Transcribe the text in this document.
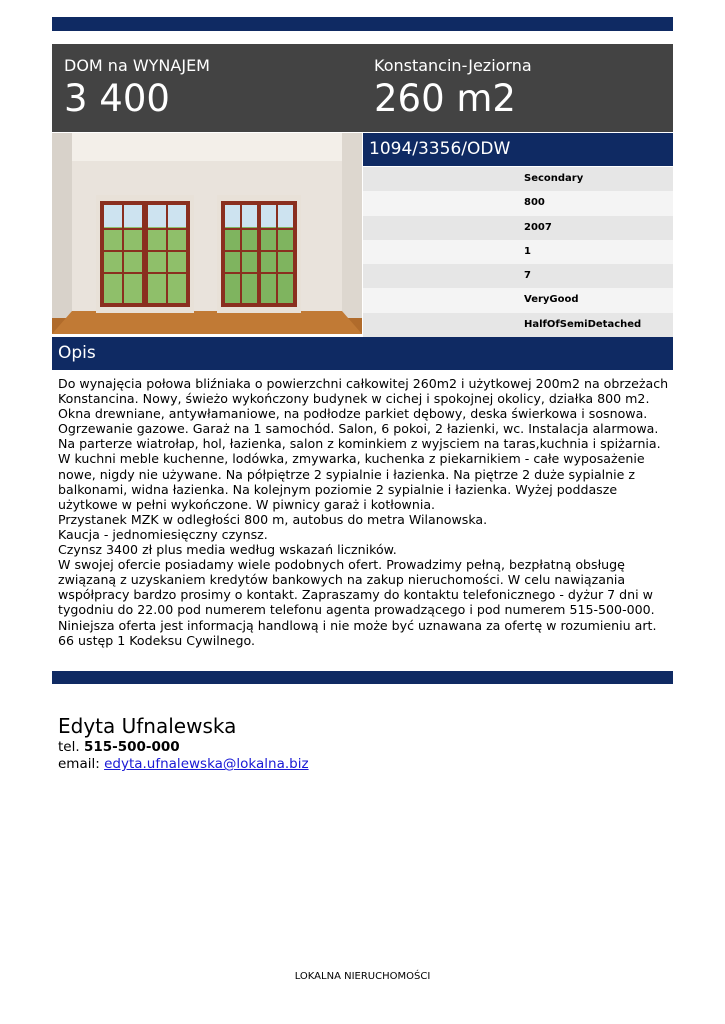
DOM na WYNAJEM
3 400
Konstancin-Jeziorna
260 m2
1094/3356/ODW
Secondary
800
2007
1
7
VeryGood
HalfOfSemiDetached
Opis

Do wynajęcia połowa bliźniaka o powierzchni całkowitej 260m2 i użytkowej 200m2 na obrzeżach Konstancina. Nowy, świeżo wykończony budynek w cichej i spokojnej okolicy, działka 800 m2. Okna drewniane, antywłamaniowe, na podłodze parkiet dębowy, deska świerkowa i sosnowa. Ogrzewanie gazowe. Garaż na 1 samochód. Salon, 6 pokoi, 2 łazienki, wc. Instalacja alarmowa.

Na parterze wiatrołap, hol, łazienka, salon z kominkiem z wyjsciem na taras,kuchnia i spiżarnia. W kuchni meble kuchenne, lodówka, zmywarka, kuchenka z piekarnikiem - całe wyposażenie nowe, nigdy nie używane. Na półpiętrze 2 sypialnie i łazienka. Na piętrze 2 duże sypialnie z balkonami, widna łazienka. Na kolejnym poziomie 2 sypialnie i łazienka. Wyżej poddasze użytkowe w pełni wykończone. W piwnicy garaż i kotłownia.

Przystanek MZK w odległości 800 m, autobus do metra Wilanowska.

Kaucja - jednomiesięczny czynsz.

Czynsz 3400 zł plus media według wskazań liczników.

W swojej ofercie posiadamy wiele podobnych ofert. Prowadzimy pełną, bezpłatną obsługę związaną z uzyskaniem kredytów bankowych na zakup nieruchomości. W celu nawiązania współpracy bardzo prosimy o kontakt. Zapraszamy do kontaktu telefonicznego - dyżur 7 dni w tygodniu do 22.00 pod numerem telefonu agenta prowadzącego i pod numerem 515-500-000. Niniejsza oferta jest informacją handlową i nie może być uznawana za ofertę w rozumieniu art. 66 ustęp 1 Kodeksu Cywilnego.

Edyta Ufnalewska
tel. 515-500-000
email: edyta.ufnalewska@lokalna.biz
LOKALNA NIERUCHOMOŚCI
